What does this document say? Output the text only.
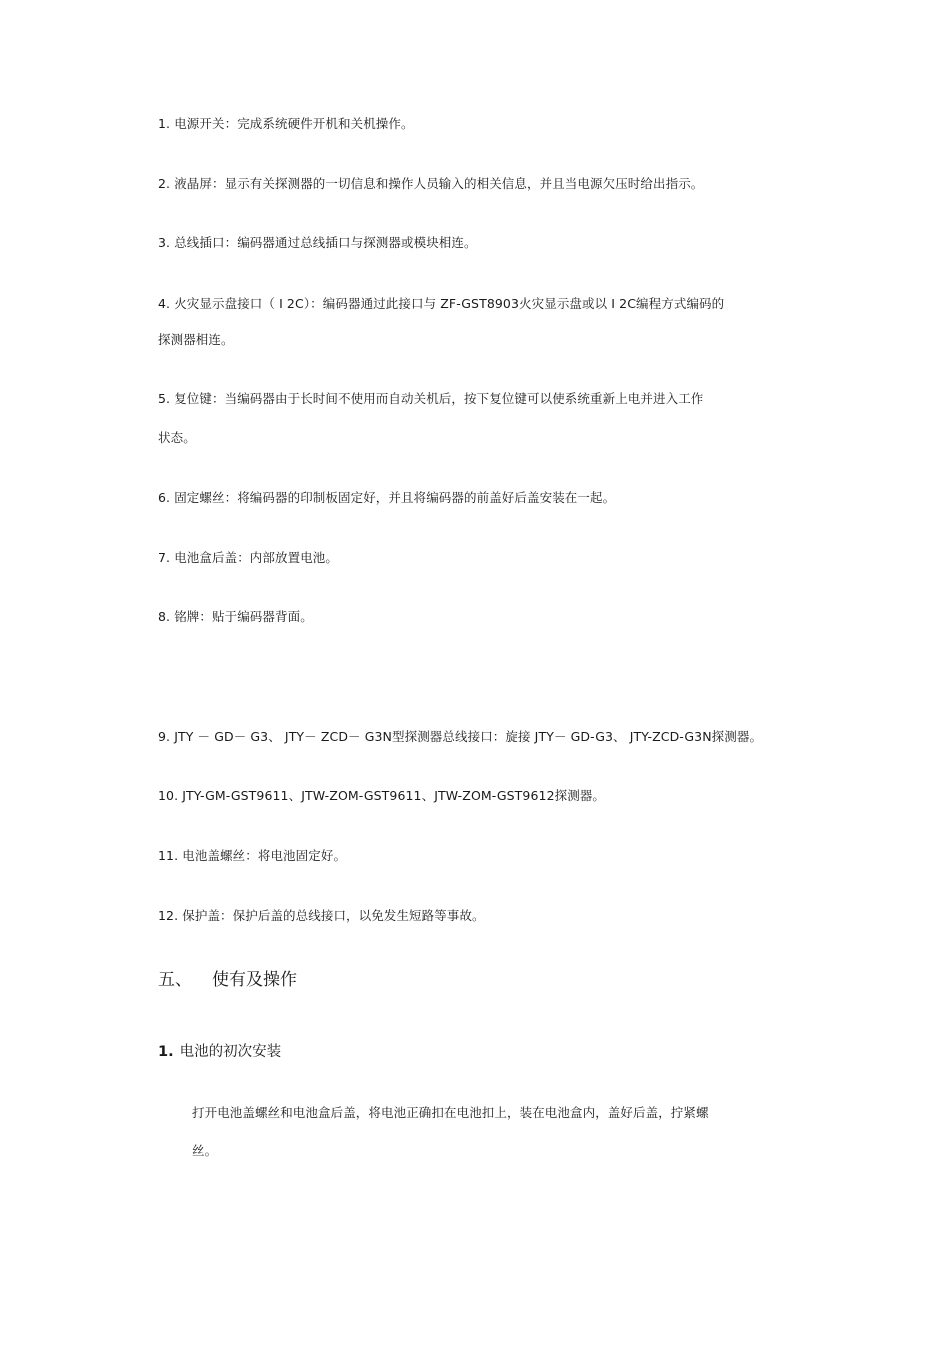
1. 电源开关：完成系统硬件开机和关机操作。
2. 液晶屏：显示有关探测器的一切信息和操作人员输入的相关信息，并且当电源欠压时给出指示。
3. 总线插口：编码器通过总线插口与探测器或模块相连。
4. 火灾显示盘接口（ I 2C）：编码器通过此接口与 ZF-GST8903火灾显示盘或以 I 2C编程方式编码的
探测器相连。
5. 复位键：当编码器由于长时间不使用而自动关机后，按下复位键可以使系统重新上电并进入工作
状态。
6. 固定螺丝：将编码器的印制板固定好，并且将编码器的前盖好后盖安装在一起。
7. 电池盒后盖：内部放置电池。
8. 铭牌：贴于编码器背面。
9. JTY － GD－ G3、 JTY－ ZCD－ G3N型探测器总线接口：旋接 JTY－ GD-G3、 JTY-ZCD-G3N探测器。
10. JTY-GM-GST9611、JTW-ZOM-GST9611、JTW-ZOM-GST9612探测器。
11. 电池盖螺丝：将电池固定好。
12. 保护盖：保护后盖的总线接口，以免发生短路等事故。
五、 使有及操作
1. 电池的初次安装
打开电池盖螺丝和电池盒后盖，将电池正确扣在电池扣上，装在电池盒内，盖好后盖，拧紧螺
丝。
